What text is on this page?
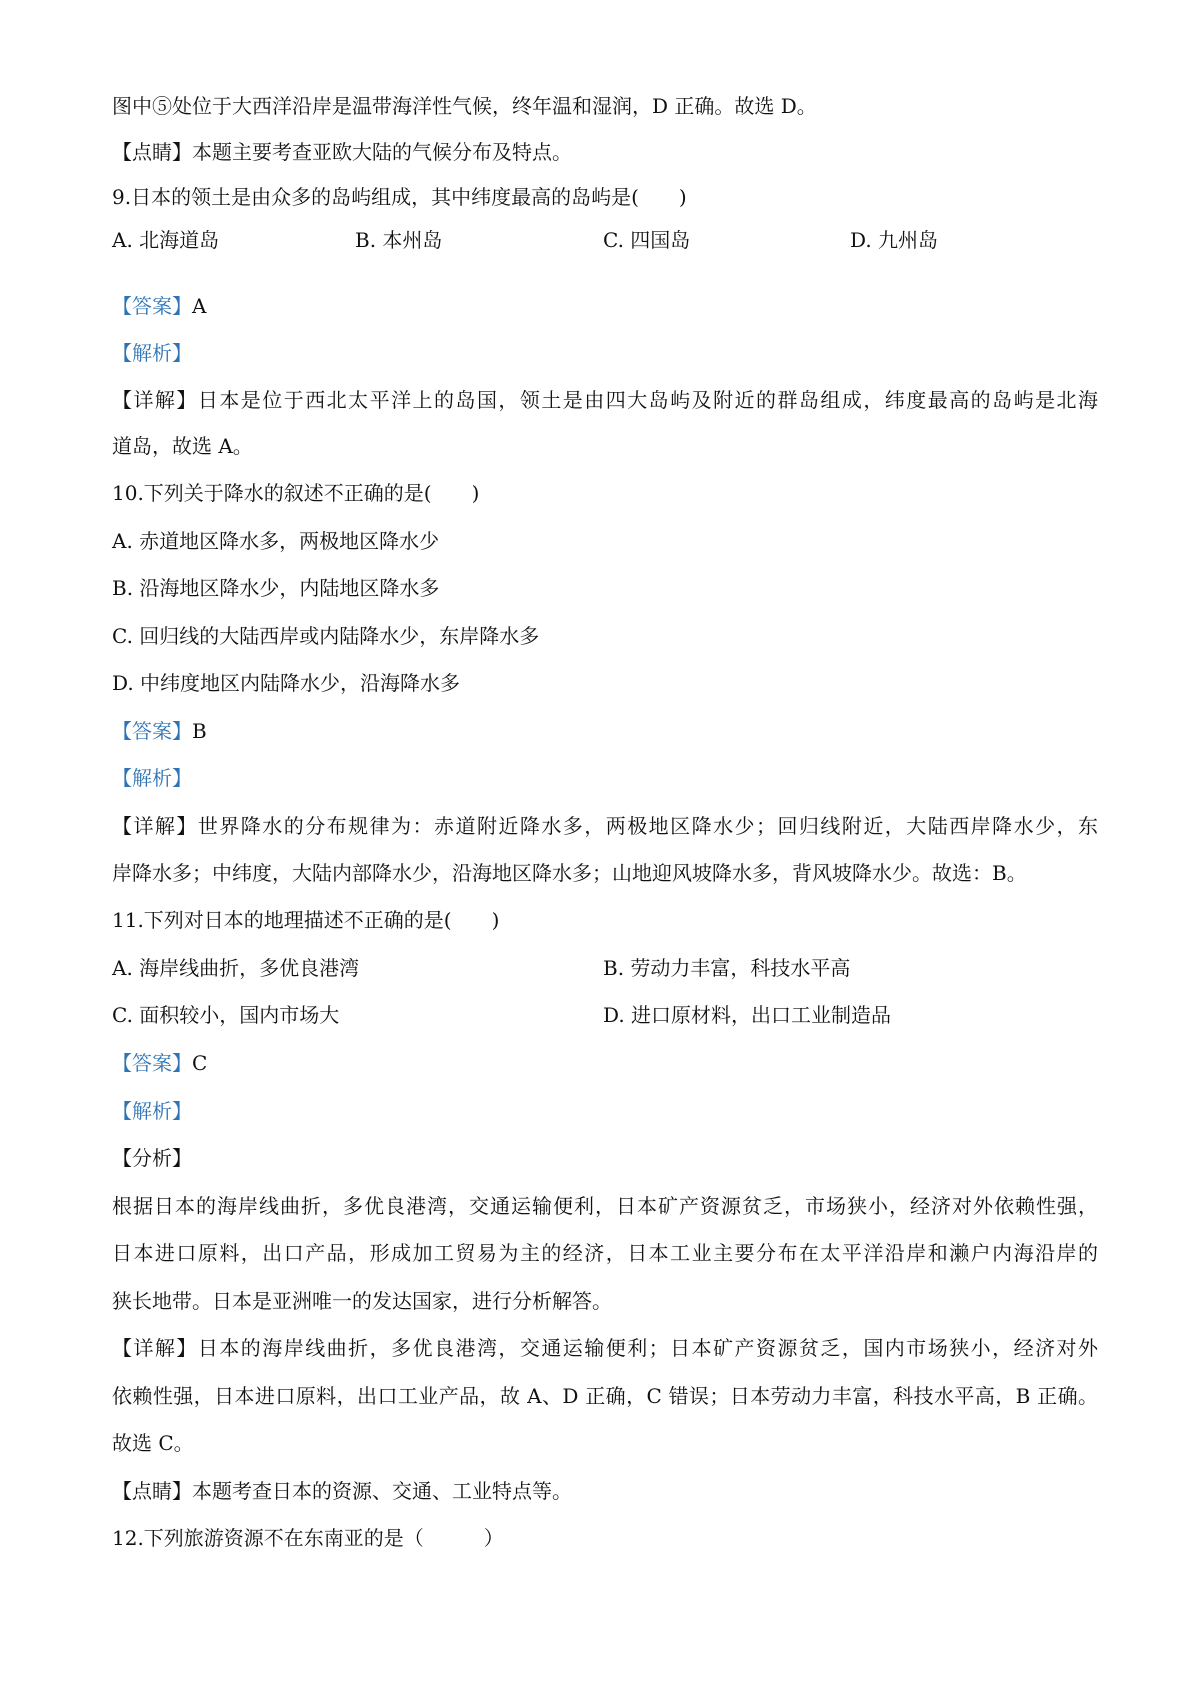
图中⑤处位于大西洋沿岸是温带海洋性气候，终年温和湿润，D 正确。故选 D。
【点睛】本题主要考查亚欧大陆的气候分布及特点。
9.日本的领土是由众多的岛屿组成，其中纬度最高的岛屿是(　　)
A. 北海道岛	B. 本州岛	C. 四国岛	D. 九州岛
【答案】A
【解析】
【详解】日本是位于西北太平洋上的岛国，领土是由四大岛屿及附近的群岛组成，纬度最高的岛屿是北海
道岛，故选 A。
10.下列关于降水的叙述不正确的是(　　)
A. 赤道地区降水多，两极地区降水少
B. 沿海地区降水少，内陆地区降水多
C. 回归线的大陆西岸或内陆降水少，东岸降水多
D. 中纬度地区内陆降水少，沿海降水多
【答案】B
【解析】
【详解】世界降水的分布规律为：赤道附近降水多，两极地区降水少；回归线附近，大陆西岸降水少，东
岸降水多；中纬度，大陆内部降水少，沿海地区降水多；山地迎风坡降水多，背风坡降水少。故选：B。
11.下列对日本的地理描述不正确的是(　　)
A. 海岸线曲折，多优良港湾	B. 劳动力丰富，科技水平高
C. 面积较小，国内市场大	D. 进口原材料，出口工业制造品
【答案】C
【解析】
【分析】
根据日本的海岸线曲折，多优良港湾，交通运输便利，日本矿产资源贫乏，市场狭小，经济对外依赖性强，
日本进口原料，出口产品，形成加工贸易为主的经济，日本工业主要分布在太平洋沿岸和濑户内海沿岸的
狭长地带。日本是亚洲唯一的发达国家，进行分析解答。
【详解】日本的海岸线曲折，多优良港湾，交通运输便利；日本矿产资源贫乏，国内市场狭小，经济对外
依赖性强，日本进口原料，出口工业产品，故 A、D 正确，C 错误；日本劳动力丰富，科技水平高，B 正确。
故选 C。
【点睛】本题考查日本的资源、交通、工业特点等。
12.下列旅游资源不在东南亚的是（　　　）
